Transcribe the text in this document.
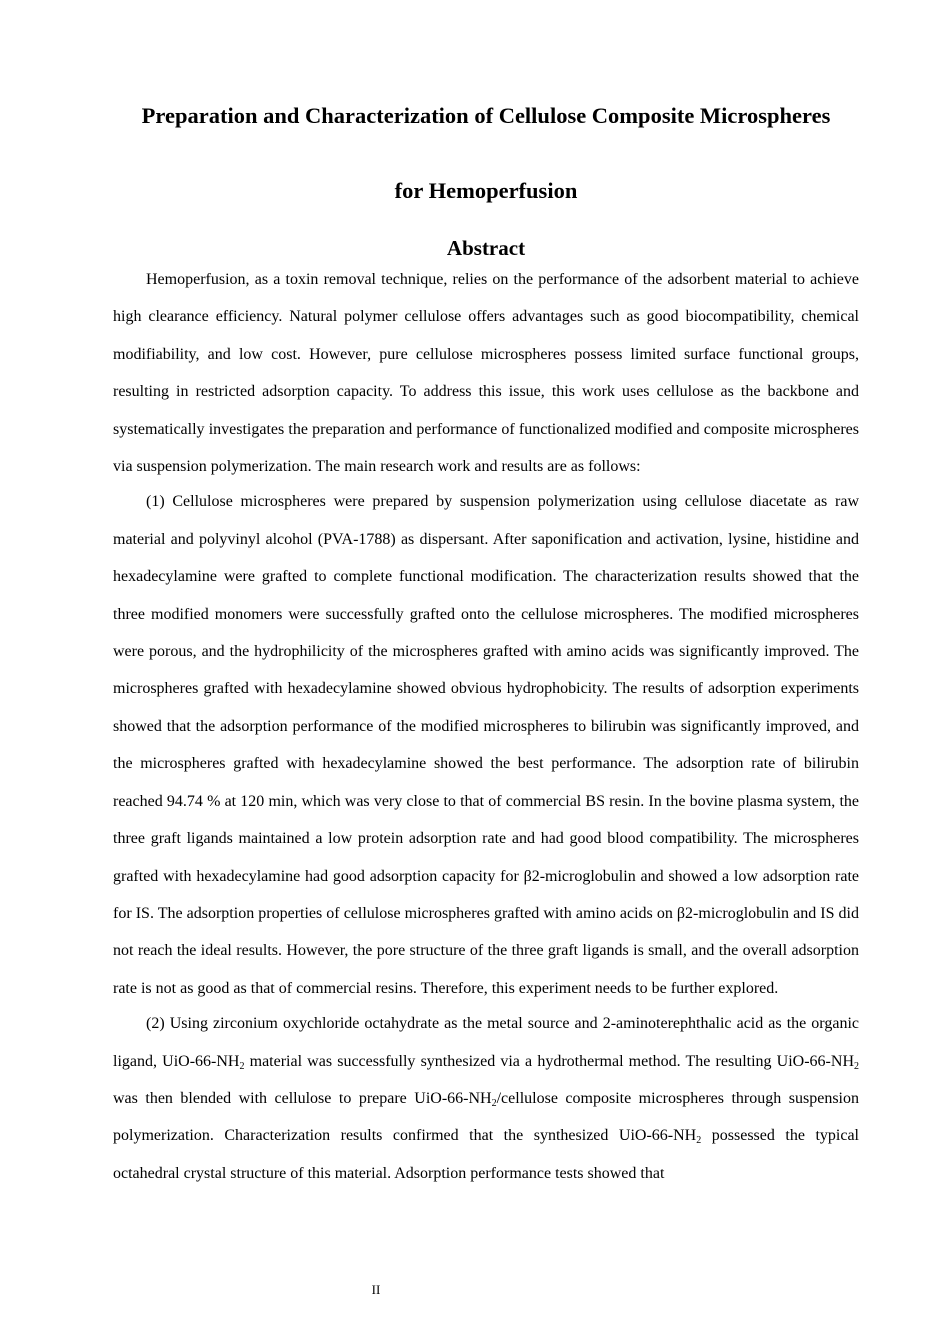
Preparation and Characterization of Cellulose Composite Microspheres
for Hemoperfusion
Abstract

Hemoperfusion, as a toxin removal technique, relies on the performance of the adsorbent material to achieve high clearance efficiency. Natural polymer cellulose offers advantages such as good biocompatibility, chemical modifiability, and low cost. However, pure cellulose microspheres possess limited surface functional groups, resulting in restricted adsorption capacity. To address this issue, this work uses cellulose as the backbone and systematically investigates the preparation and performance of functionalized modified and composite microspheres via suspension polymerization. The main research work and results are as follows:

(1) Cellulose microspheres were prepared by suspension polymerization using cellulose diacetate as raw material and polyvinyl alcohol (PVA-1788) as dispersant. After saponification and activation, lysine, histidine and hexadecylamine were grafted to complete functional modification. The characterization results showed that the three modified monomers were successfully grafted onto the cellulose microspheres. The modified microspheres were porous, and the hydrophilicity of the microspheres grafted with amino acids was significantly improved. The microspheres grafted with hexadecylamine showed obvious hydrophobicity. The results of adsorption experiments showed that the adsorption performance of the modified microspheres to bilirubin was significantly improved, and the microspheres grafted with hexadecylamine showed the best performance. The adsorption rate of bilirubin reached 94.74 % at 120 min, which was very close to that of commercial BS resin. In the bovine plasma system, the three graft ligands maintained a low protein adsorption rate and had good blood compatibility. The microspheres grafted with hexadecylamine had good adsorption capacity for β2-microglobulin and showed a low adsorption rate for IS. The adsorption properties of cellulose microspheres grafted with amino acids on β2-microglobulin and IS did not reach the ideal results. However, the pore structure of the three graft ligands is small, and the overall adsorption rate is not as good as that of commercial resins. Therefore, this experiment needs to be further explored.

(2) Using zirconium oxychloride octahydrate as the metal source and 2-aminoterephthalic acid as the organic ligand, UiO-$66-NH_2$ material was successfully synthesized via a hydrothermal method. The resulting UiO-$66-NH_2$ was then blended with cellulose to prepare UiO-$66-NH_2$/cellulose composite microspheres through suspension polymerization. Characterization results confirmed that the synthesized UiO-$66-NH_2$ possessed the typical octahedral crystal structure of this material. Adsorption performance tests showed that

II
